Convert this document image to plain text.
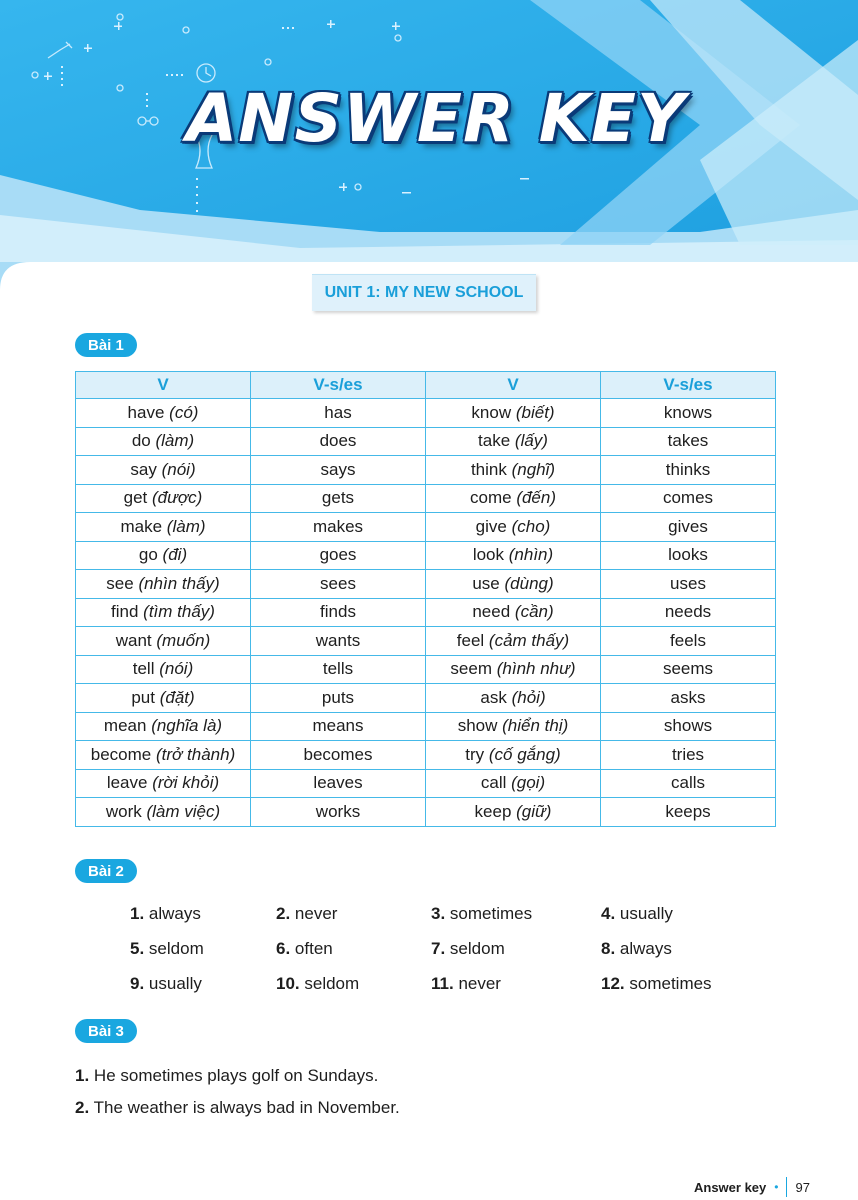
ANSWER KEY
UNIT 1: MY NEW SCHOOL
Bài 1
V	V-s/es	V	V-s/es
have (có)	has	know (biết)	knows
do (làm)	does	take (lấy)	takes
say (nói)	says	think (nghĩ)	thinks
get (được)	gets	come (đến)	comes
make (làm)	makes	give (cho)	gives
go (đi)	goes	look (nhìn)	looks
see (nhìn thấy)	sees	use (dùng)	uses
find (tìm thấy)	finds	need (cần)	needs
want (muốn)	wants	feel (cảm thấy)	feels
tell (nói)	tells	seem (hình như)	seems
put (đặt)	puts	ask (hỏi)	asks
mean (nghĩa là)	means	show (hiển thị)	shows
become (trở thành)	becomes	try (cố gắng)	tries
leave (rời khỏi)	leaves	call (gọi)	calls
work (làm việc)	works	keep (giữ)	keeps
Bài 2
1. always	2. never	3. sometimes	4. usually
5. seldom	6. often	7. seldom	8. always
9. usually	10. seldom	11. never	12. sometimes
Bài 3
1. He sometimes plays golf on Sundays.
2. The weather is always bad in November.
Answer key • 97
